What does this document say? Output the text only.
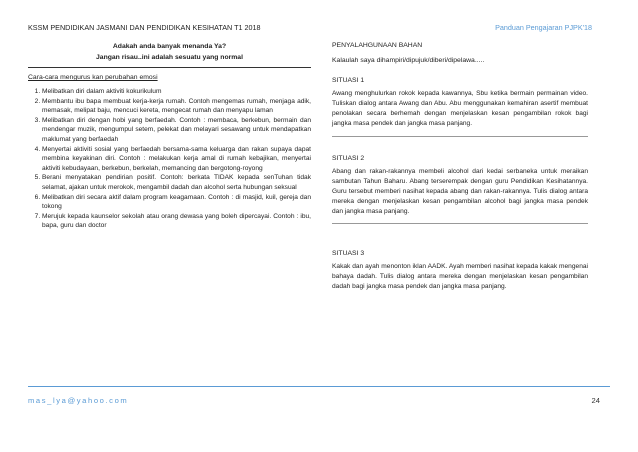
KSSM PENDIDIKAN JASMANI DAN PENDIDIKAN KESIHATAN T1 2018	Panduan Pengajaran PJPK'18
Adakah anda banyak menanda Ya?
Jangan risau..ini adalah sesuatu yang normal
Cara-cara mengurus kan perubahan emosi
1. Melibatkan diri dalam aktiviti kokurikulum
2. Membantu ibu bapa membuat kerja-kerja rumah. Contoh mengemas rumah, menjaga adik, memasak, melipat baju, mencuci kereta, mengecat rumah dan menyapu laman
3. Melibatkan diri dengan hobi yang berfaedah. Contoh : membaca, berkebun, bermain dan mendengar muzik, mengumpul setem, pelekat dan melayari sesawang untuk mendapatkan maklumat yang berfaedah
4. Menyertai aktiviti sosial yang berfaedah bersama-sama keluarga dan rakan supaya dapat membina keyakinan diri. Contoh : melakukan kerja amal di rumah kebajikan, menyertai aktiviti kebudayaan, berkebun, berkelah, memancing dan bergotong-royong
5. Berani menyatakan pendirian positif. Contoh: berkata TIDAK kepada senTuhan tidak selamat, ajakan untuk merokok, mengambil dadah dan alcohol serta hubungan seksual
6. Melibatkan diri secara aktif dalam program keagamaan. Contoh : di masjid, kuil, gereja dan tokong
7. Merujuk kepada kaunselor sekolah atau orang dewasa yang boleh dipercayai. Contoh : ibu, bapa, guru dan doctor
PENYALAHGUNAAN BAHAN
Kalaulah saya dihampiri/dipujuk/diberi/dipelawa.....
SITUASI 1
Awang menghulurkan rokok kepada kawannya, Sbu ketika bermain permainan video. Tuliskan dialog antara Awang dan Abu. Abu menggunakan kemahiran asertif membuat penolakan secara berhemah dengan menjelaskan kesan pengambilan rokok bagi jangka masa pendek dan jangka masa panjang.
SITUASI 2
Abang dan rakan-rakannya membeli alcohol dari kedai serbaneka untuk meraikan sambutan Tahun Baharu. Abang terserempak dengan guru Pendidikan Kesihatannya. Guru tersebut memberi nasihat kepada abang dan rakan-rakannya. Tulis dialog antara mereka dengan menjelaskan kesan pengambilan alcohol bagi jangka masa pendek dan jangka masa panjang.
SITUASI 3
Kakak dan ayah menonton iklan AADK. Ayah memberi nasihat kepada kakak mengenai bahaya dadah. Tulis dialog antara mereka dengan menjelaskan kesan pengambilan dadah bagi jangka masa pendek dan jangka masa panjang.
mas_lya@yahoo.com	24
